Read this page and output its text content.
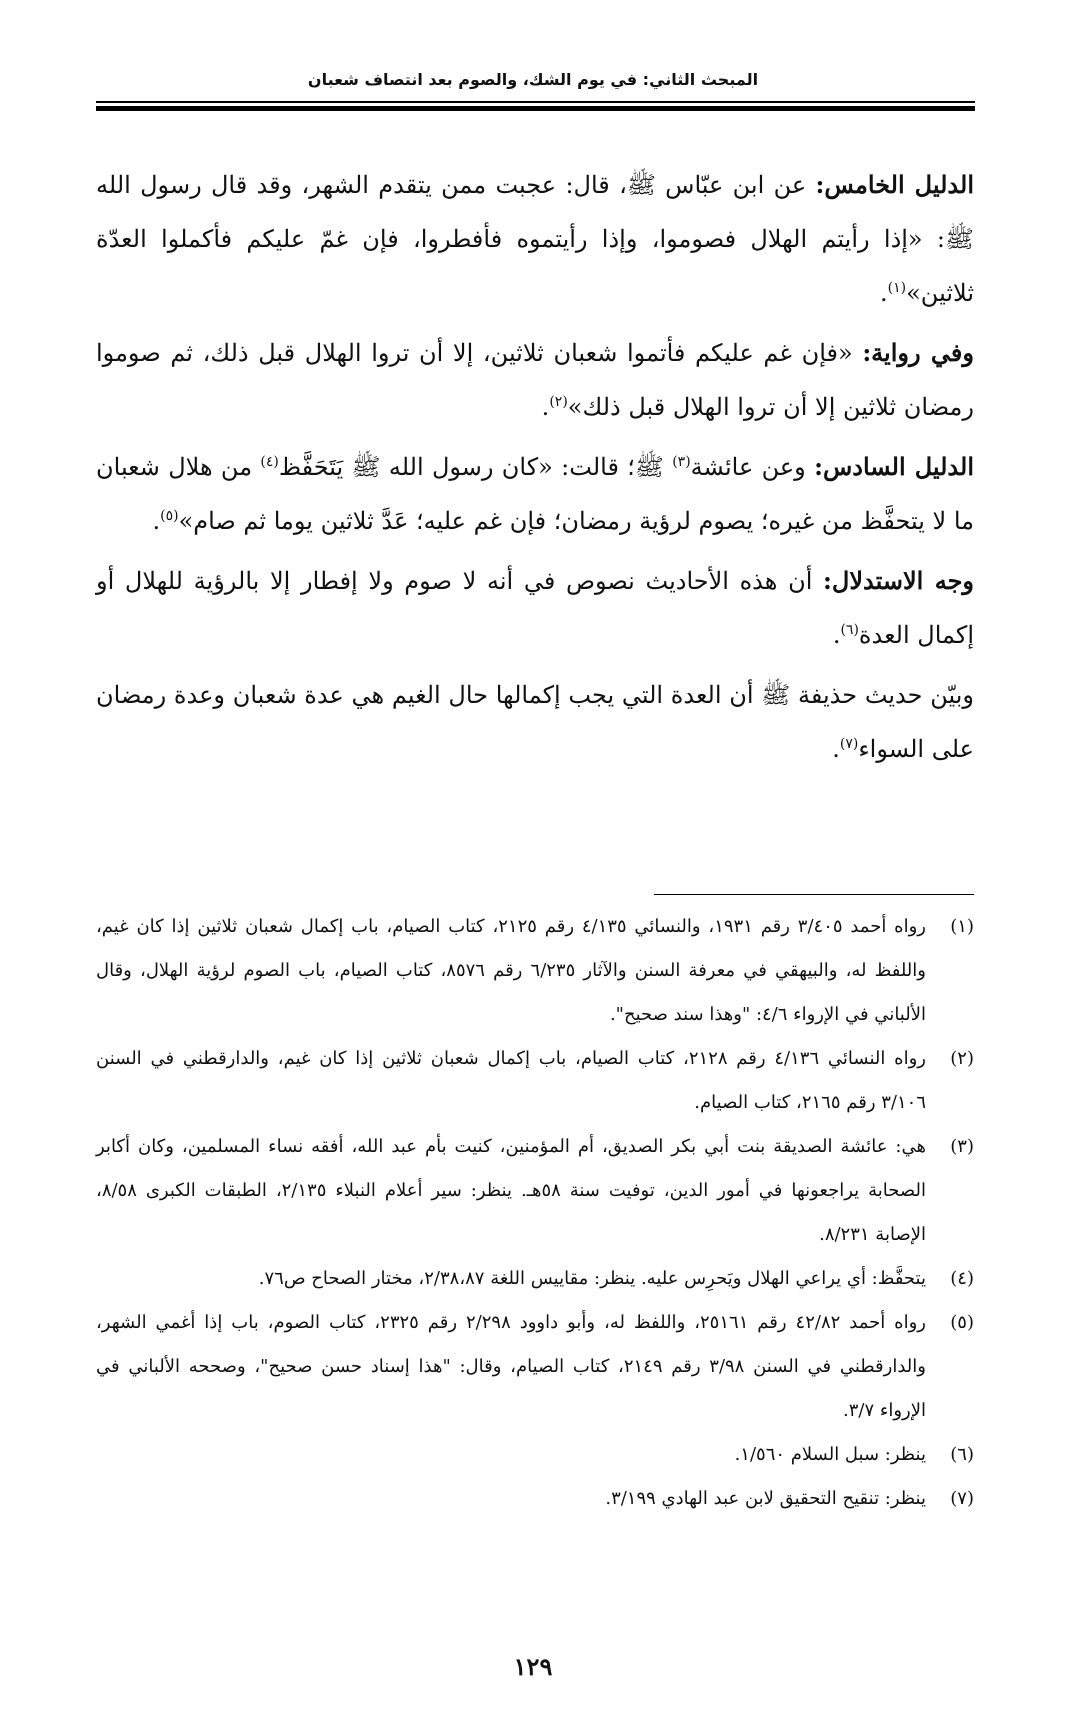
المبحث الثاني: في يوم الشك، والصوم بعد انتصاف شعبان

الدليل الخامس: عن ابن عبّاس ﷺ، قال: عجبت ممن يتقدم الشهر، وقد قال رسول الله ﷺ: «إذا رأيتم الهلال فصوموا، وإذا رأيتموه فأفطروا، فإن غمّ عليكم فأكملوا العدّة ثلاثين»$^{(١)}$.

وفي رواية: «فإن غم عليكم فأتموا شعبان ثلاثين، إلا أن تروا الهلال قبل ذلك، ثم صوموا رمضان ثلاثين إلا أن تروا الهلال قبل ذلك»$^{(٢)}$.

الدليل السادس: وعن عائشة$^{(٣)}$ ﷺ؛ قالت: «كان رسول الله ﷺ يَتَحَفَّظ$^{(٤)}$ من هلال شعبان ما لا يتحفَّظ من غيره؛ يصوم لرؤية رمضان؛ فإن غم عليه؛ عَدَّ ثلاثين يوما ثم صام»$^{(٥)}$.

وجه الاستدلال: أن هذه الأحاديث نصوص في أنه لا صوم ولا إفطار إلا بالرؤية للهلال أو إكمال العدة$^{(٦)}$.

وبيّن حديث حذيفة ﷺ أن العدة التي يجب إكمالها حال الغيم هي عدة شعبان وعدة رمضان على السواء$^{(٧)}$.

(١)
رواه أحمد ٣/٤٠٥ رقم ١٩٣١، والنسائي ٤/١٣٥ رقم ٢١٢٥، كتاب الصيام، باب إكمال شعبان ثلاثين إذا كان غيم، واللفظ له، والبيهقي في معرفة السنن والآثار ٦/٢٣٥ رقم ٨٥٧٦، كتاب الصيام، باب الصوم لرؤية الهلال، وقال الألباني في الإرواء ٤/٦: "وهذا سند صحيح".
(٢)
رواه النسائي ٤/١٣٦ رقم ٢١٢٨، كتاب الصيام، باب إكمال شعبان ثلاثين إذا كان غيم، والدارقطني في السنن ٣/١٠٦ رقم ٢١٦٥، كتاب الصيام.
(٣)
هي: عائشة الصديقة بنت أبي بكر الصديق، أم المؤمنين، كنيت بأم عبد الله، أفقه نساء المسلمين، وكان أكابر الصحابة يراجعونها في أمور الدين، توفيت سنة ٥٨هـ. ينظر: سير أعلام النبلاء ٢/١٣٥، الطبقات الكبرى ٨/٥٨، الإصابة ٨/٢٣١.
(٤)
يتحفَّظ: أي يراعي الهلال ويَحرِس عليه. ينظر: مقاييس اللغة ٢/٣٨،٨٧، مختار الصحاح ص٧٦.
(٥)
رواه أحمد ٤٢/٨٢ رقم ٢٥١٦١، واللفظ له، وأبو داوود ٢/٢٩٨ رقم ٢٣٢٥، كتاب الصوم، باب إذا أغمي الشهر، والدارقطني في السنن ٣/٩٨ رقم ٢١٤٩، كتاب الصيام، وقال: "هذا إسناد حسن صحيح"، وصححه الألباني في الإرواء ٣/٧.
(٦)
ينظر: سبل السلام ١/٥٦٠.
(٧)
ينظر: تنقيح التحقيق لابن عبد الهادي ٣/١٩٩.
١٢٩
